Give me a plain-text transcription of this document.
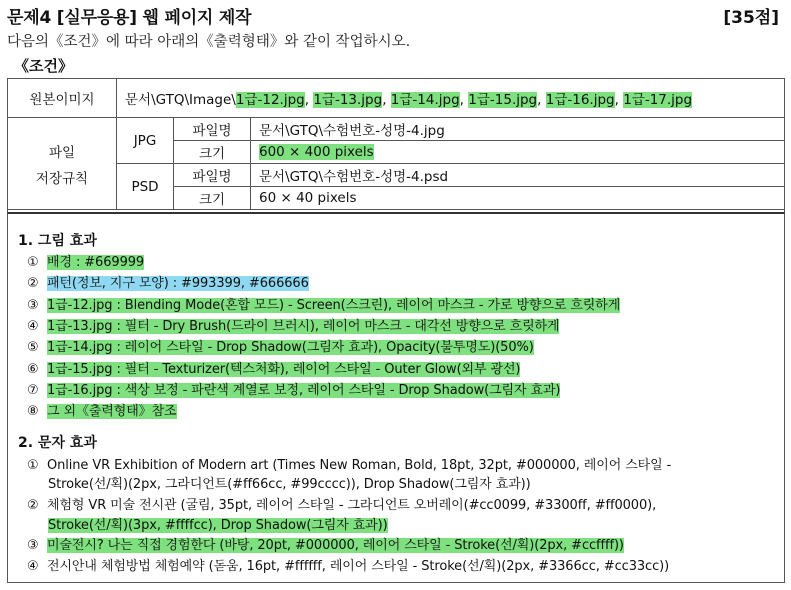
문제4 [실무응용] 웹 페이지 제작	[35점]
다음의《조건》에 따라 아래의《출력형태》와 같이 작업하시오.
《조건》
원본이미지	문서\GTQ\Image\1급-12.jpg, 1급-13.jpg, 1급-14.jpg, 1급-15.jpg, 1급-16.jpg, 1급-17.jpg		

파일
저장규칙	JPG	파일명	문서\GTQ\수험번호-성명-4.jpg
		크기	600 × 400 pixels
	PSD	파일명	문서\GTQ\수험번호-성명-4.psd
		크기	60 × 40 pixels
1. 그림 효과
① 배경 : #669999
② 패턴(정보, 지구 모양) : #993399, #666666
③ 1급-12.jpg : Blending Mode(혼합 모드) - Screen(스크린), 레이어 마스크 - 가로 방향으로 흐릿하게
④ 1급-13.jpg : 필터 - Dry Brush(드라이 브러시), 레이어 마스크 - 대각선 방향으로 흐릿하게
⑤ 1급-14.jpg : 레이어 스타일 - Drop Shadow(그림자 효과), Opacity(불투명도)(50%)
⑥ 1급-15.jpg : 필터 - Texturizer(텍스처화), 레이어 스타일 - Outer Glow(외부 광선)
⑦ 1급-16.jpg : 색상 보정 - 파란색 계열로 보정, 레이어 스타일 - Drop Shadow(그림자 효과)
⑧ 그 외《출력형태》참조
2. 문자 효과
① Online VR Exhibition of Modern art (Times New Roman, Bold, 18pt, 32pt, #000000, 레이어 스타일 -
Stroke(선/획)(2px, 그라디언트(#ff66cc, #99cccc)), Drop Shadow(그림자 효과))
② 체험형 VR 미술 전시관 (굴림, 35pt, 레이어 스타일 - 그라디언트 오버레이(#cc0099, #3300ff, #ff0000),
Stroke(선/획)(3px, #ffffcc), Drop Shadow(그림자 효과))
③ 미술전시? 나는 직접 경험한다 (바탕, 20pt, #000000, 레이어 스타일 - Stroke(선/획)(2px, #ccffff))
④ 전시안내 체험방법 체험예약 (돋움, 16pt, #ffffff, 레이어 스타일 - Stroke(선/획)(2px, #3366cc, #cc33cc))
